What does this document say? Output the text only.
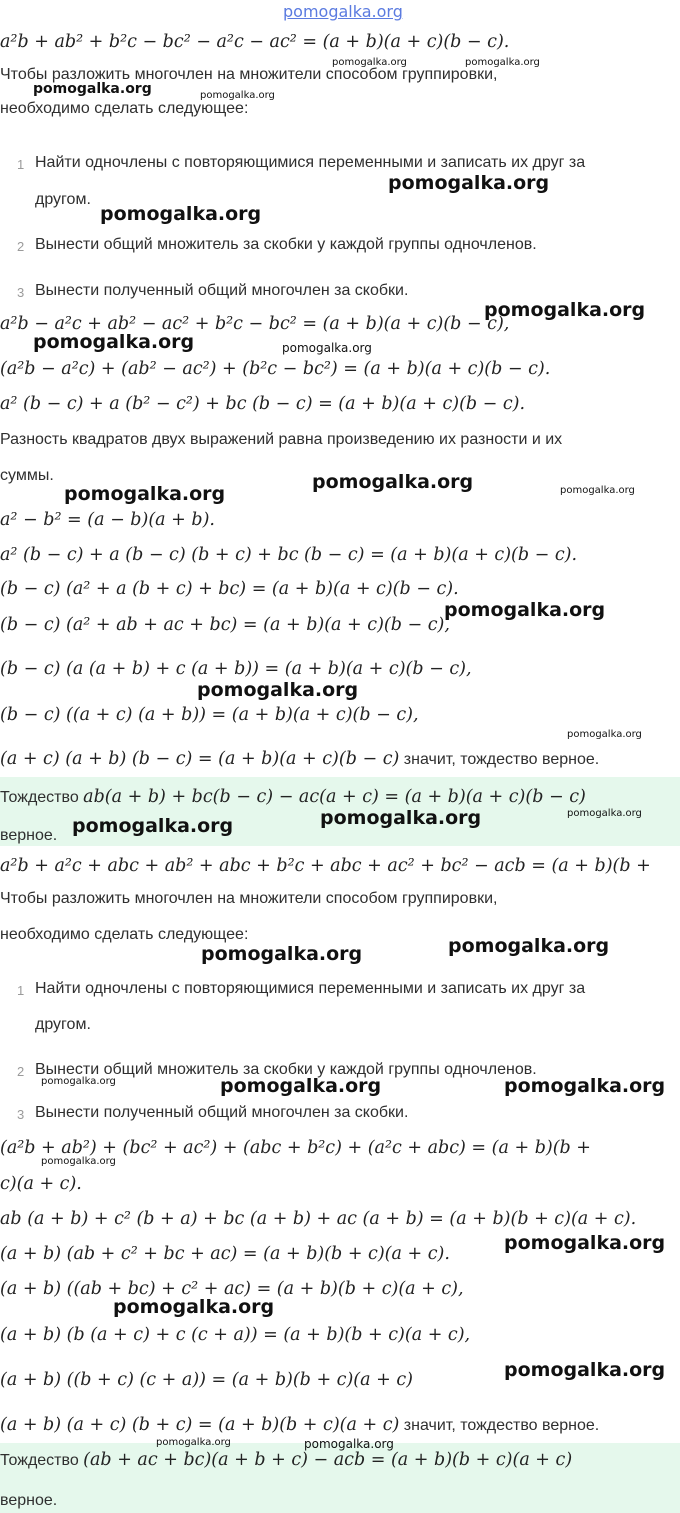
pomogalka.org
a²b + ab² + b²c − bc² − a²c − ac² = (a + b)(a + c)(b − c).
Чтобы разложить многочлен на множители способом группировки,
необходимо сделать следующее:
1 Найти одночлены с повторяющимися переменными и записать их друг за
другом.
2 Вынести общий множитель за скобки у каждой группы одночленов.
3 Вынести полученный общий многочлен за скобки.
a²b − a²c + ab² − ac² + b²c − bc² = (a + b)(a + c)(b − c),
(a²b − a²c) + (ab² − ac²) + (b²c − bc²) = (a + b)(a + c)(b − c).
a² (b − c) + a (b² − c²) + bc (b − c) = (a + b)(a + c)(b − c).
Разность квадратов двух выражений равна произведению их разности и их
суммы.
a² − b² = (a − b)(a + b).
a² (b − c) + a (b − c) (b + c) + bc (b − c) = (a + b)(a + c)(b − c).
(b − c) (a² + a (b + c) + bc) = (a + b)(a + c)(b − c).
(b − c) (a² + ab + ac + bc) = (a + b)(a + c)(b − c),
(b − c) (a (a + b) + c (a + b)) = (a + b)(a + c)(b − c),
(b − c) ((a + c) (a + b)) = (a + b)(a + c)(b − c),
(a + c) (a + b) (b − c) = (a + b)(a + c)(b − c) значит, тождество верное.
Тождество ab(a + b) + bc(b − c) − ac(a + c) = (a + b)(a + c)(b − c)
верное.
a²b + a²c + abc + ab² + abc + b²c + abc + ac² + bc² − acb = (a + b)(b +
Чтобы разложить многочлен на множители способом группировки,
необходимо сделать следующее:
1 Найти одночлены с повторяющимися переменными и записать их друг за
другом.
2 Вынести общий множитель за скобки у каждой группы одночленов.
3 Вынести полученный общий многочлен за скобки.
(a²b + ab²) + (bc² + ac²) + (abc + b²c) + (a²c + abc) = (a + b)(b +
c)(a + c).
ab (a + b) + c² (b + a) + bc (a + b) + ac (a + b) = (a + b)(b + c)(a + c).
(a + b) (ab + c² + bc + ac) = (a + b)(b + c)(a + c).
(a + b) ((ab + bc) + c² + ac) = (a + b)(b + c)(a + c),
(a + b) (b (a + c) + c (c + a)) = (a + b)(b + c)(a + c),
(a + b) ((b + c) (c + a)) = (a + b)(b + c)(a + c)
(a + b) (a + c) (b + c) = (a + b)(b + c)(a + c) значит, тождество верное.
Тождество (ab + ac + bc)(a + b + c) − acb = (a + b)(b + c)(a + c)
верное.
pomogalka.org	pomogalka.org
pomogalka.org
pomogalka.org
pomogalka.org
pomogalka.org
pomogalka.org
pomogalka.org	pomogalka.org
pomogalka.org
pomogalka.org	pomogalka.org
pomogalka.org
pomogalka.org
pomogalka.org
pomogalka.org
pomogalka.org
pomogalka.org
pomogalka.org
pomogalka.org
pomogalka.org	pomogalka.org	pomogalka.org
pomogalka.org
pomogalka.org
pomogalka.org
pomogalka.org
pomogalka.org	pomogalka.org
